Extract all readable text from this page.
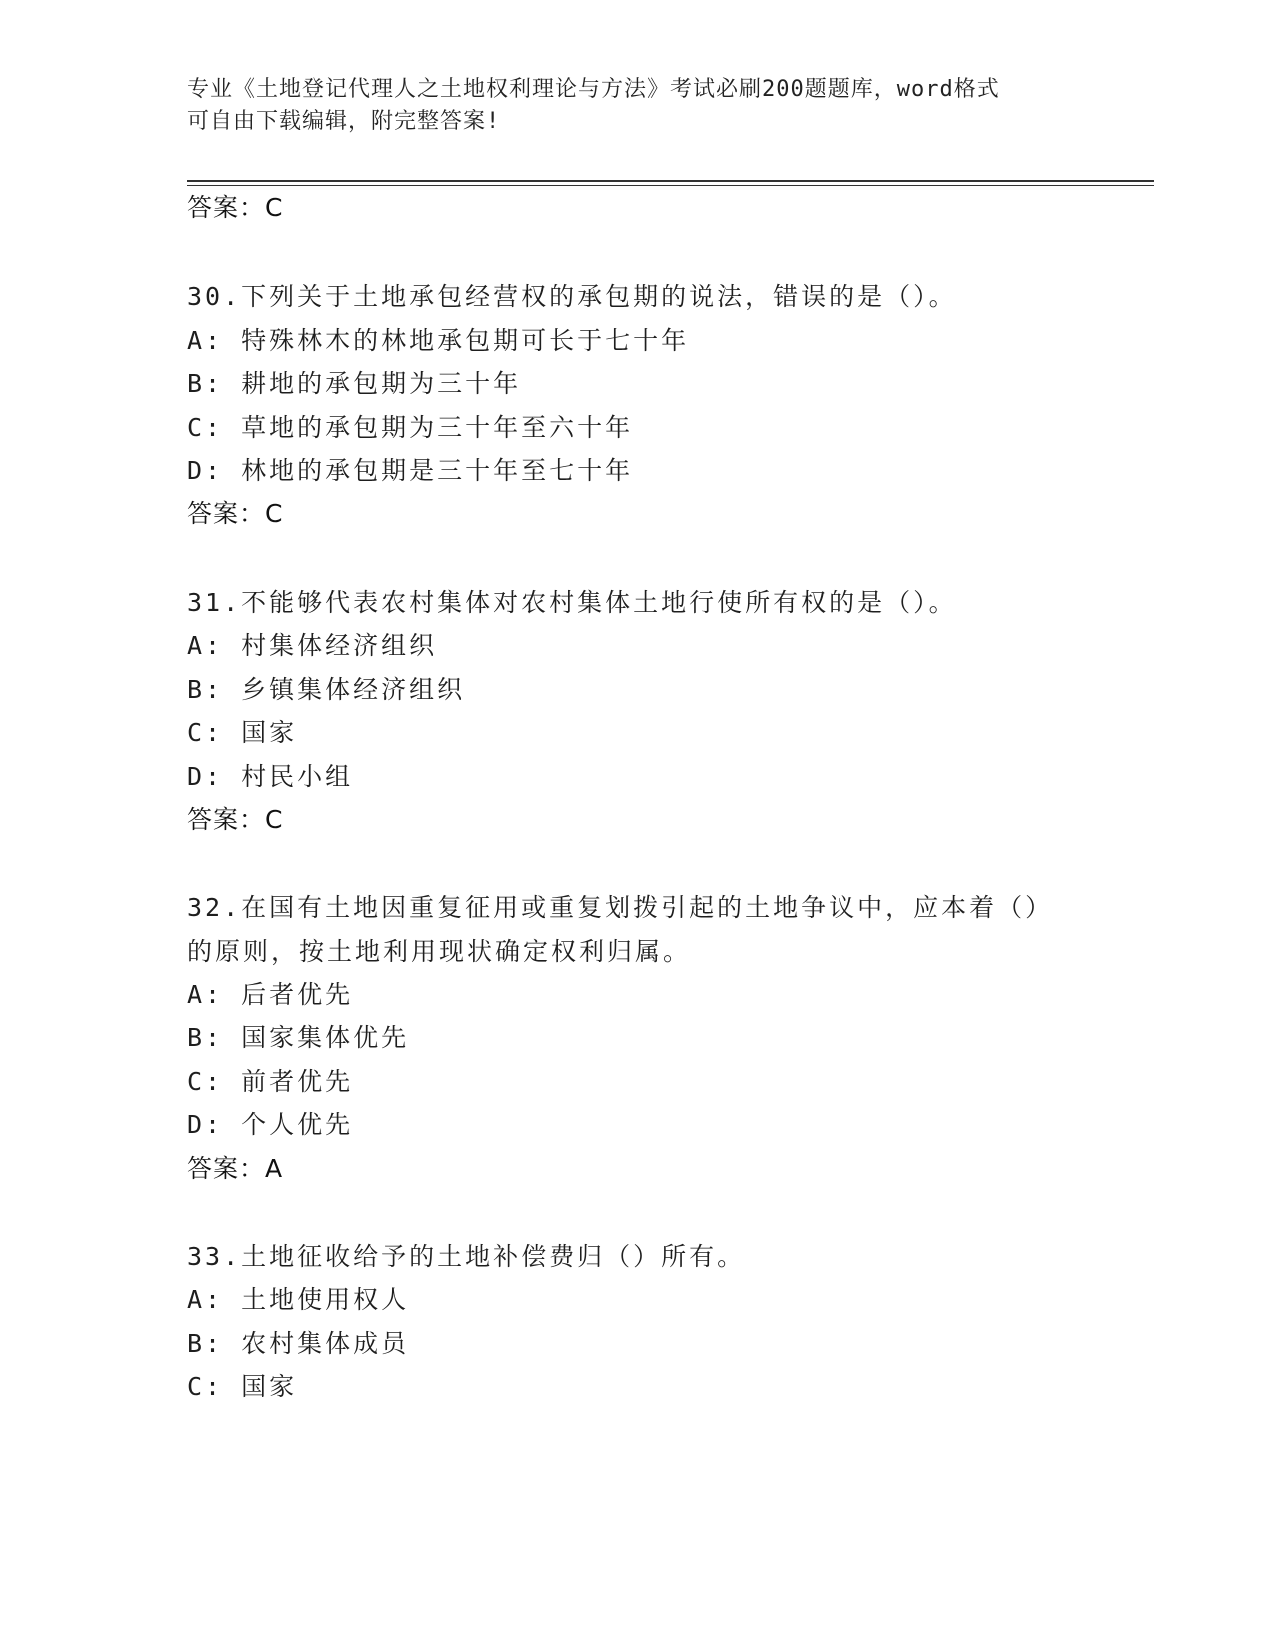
专业《土地登记代理人之土地权利理论与方法》考试必刷200题题库，word格式
可自由下载编辑，附完整答案!
答案：C
30.下列关于土地承包经营权的承包期的说法，错误的是（）。
A: 特殊林木的林地承包期可长于七十年
B: 耕地的承包期为三十年
C: 草地的承包期为三十年至六十年
D: 林地的承包期是三十年至七十年
答案：C
31.不能够代表农村集体对农村集体土地行使所有权的是（）。
A: 村集体经济组织
B: 乡镇集体经济组织
C: 国家
D: 村民小组
答案：C
32.在国有土地因重复征用或重复划拨引起的土地争议中，应本着（）
的原则，按土地利用现状确定权利归属。
A: 后者优先
B: 国家集体优先
C: 前者优先
D: 个人优先
答案：A
33.土地征收给予的土地补偿费归（）所有。
A: 土地使用权人
B: 农村集体成员
C: 国家
